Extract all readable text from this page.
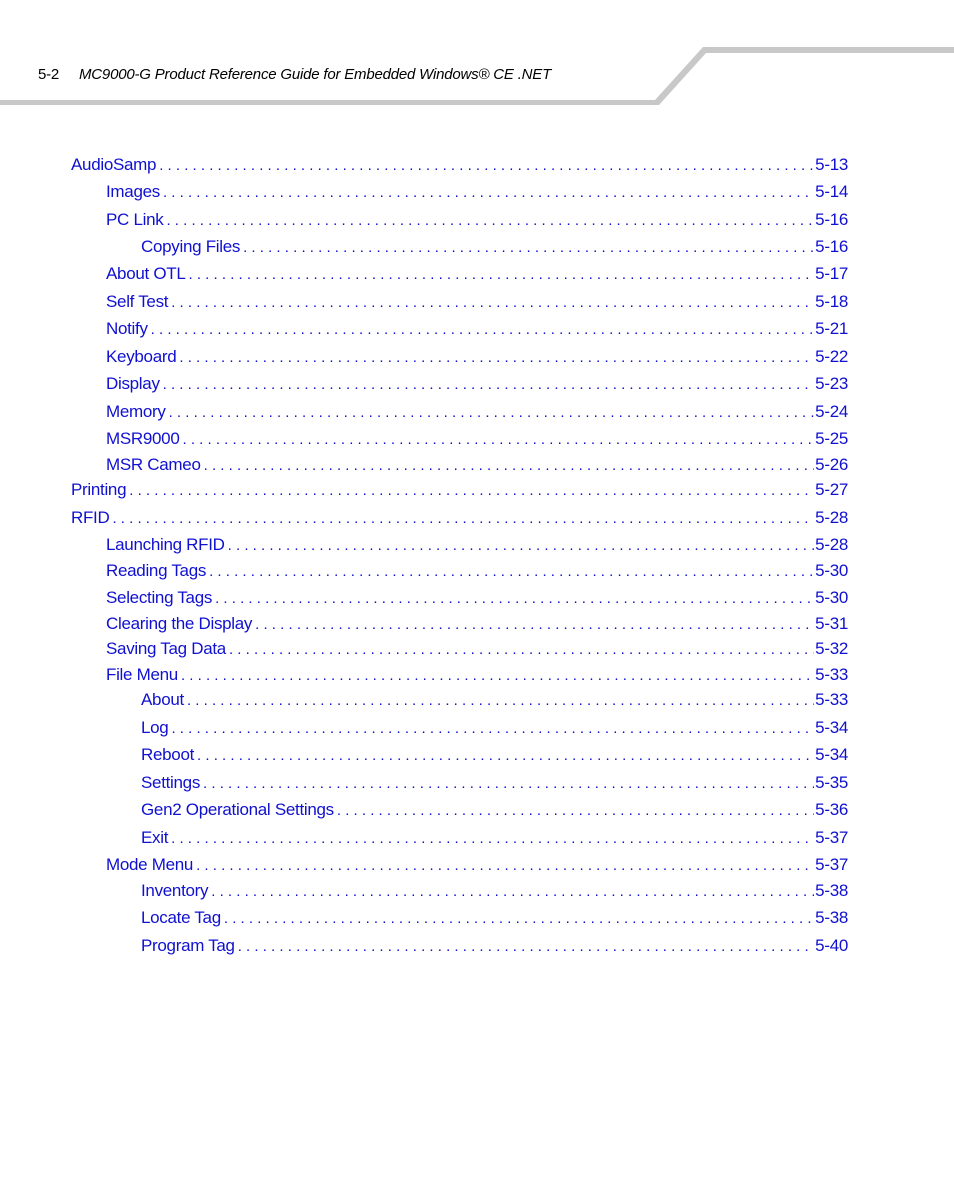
5-2 MC9000-G Product Reference Guide for Embedded Windows® CE .NET
AudioSamp . . .	5-13
Images . . .	5-14
PC Link . . .	5-16
Copying Files . . .	5-16
About OTL . . .	5-17
Self Test . . .	5-18
Notify . . .	5-21
Keyboard . . .	5-22
Display . . .	5-23
Memory . . .	5-24
MSR9000 . . .	5-25
MSR Cameo . . .	5-26
Printing . . .	5-27
RFID . . .	5-28
Launching RFID . . .	5-28
Reading Tags . . .	5-30
Selecting Tags . . .	5-30
Clearing the Display . . .	5-31
Saving Tag Data . . .	5-32
File Menu . . .	5-33
About . . .	5-33
Log . . .	5-34
Reboot . . .	5-34
Settings . . .	5-35
Gen2 Operational Settings . . .	5-36
Exit . . .	5-37
Mode Menu . . .	5-37
Inventory . . .	5-38
Locate Tag . . .	5-38
Program Tag . . .	5-40
